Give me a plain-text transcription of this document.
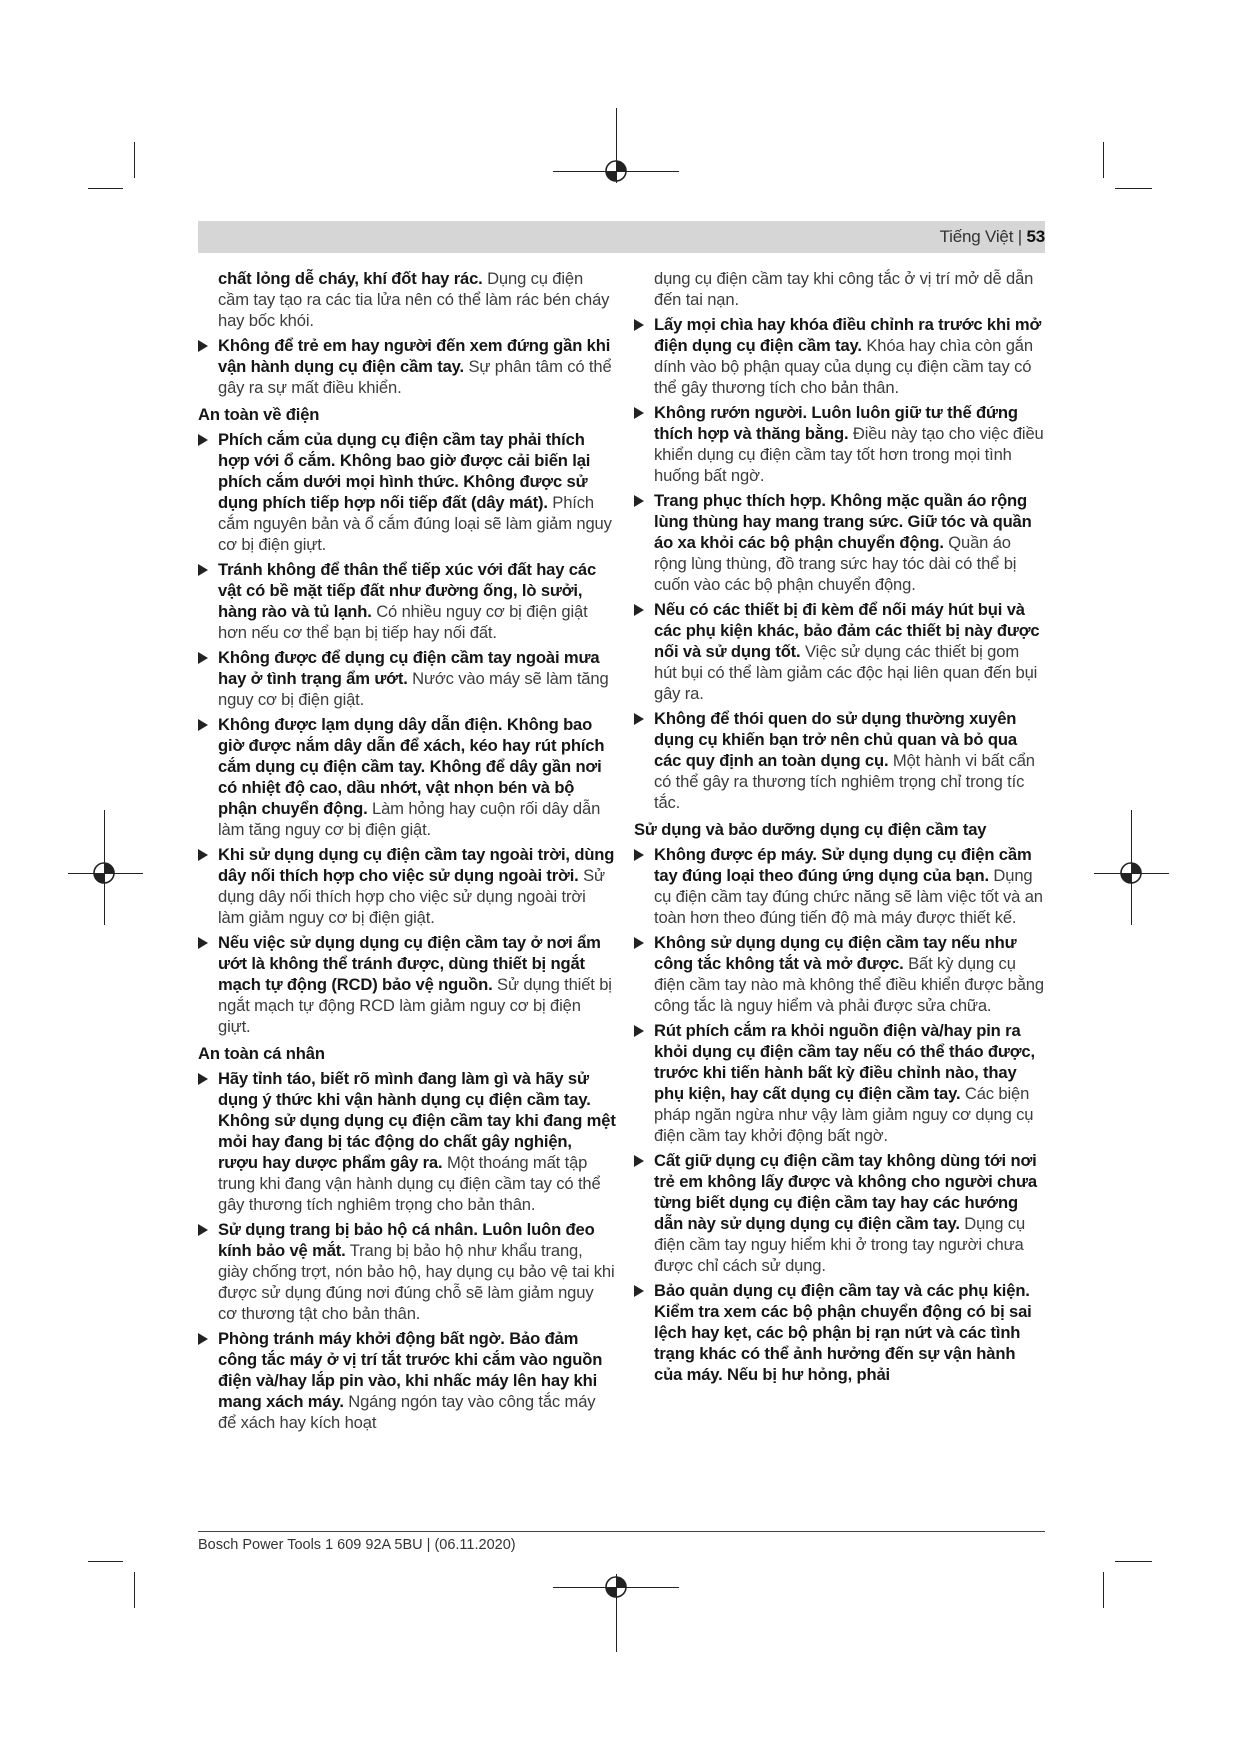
Tiếng Việt | 53
chất lỏng dễ cháy, khí đốt hay rác. Dụng cụ điện cầm tay tạo ra các tia lửa nên có thể làm rác bén cháy hay bốc khói.
Không để trẻ em hay người đến xem đứng gần khi vận hành dụng cụ điện cầm tay. Sự phân tâm có thể gây ra sự mất điều khiển.
An toàn về điện
Phích cắm của dụng cụ điện cầm tay phải thích hợp với ổ cắm. Không bao giờ được cải biến lại phích cắm dưới mọi hình thức. Không được sử dụng phích tiếp hợp nối tiếp đất (dây mát). Phích cắm nguyên bản và ổ cắm đúng loại sẽ làm giảm nguy cơ bị điện giựt.
Tránh không để thân thể tiếp xúc với đất hay các vật có bề mặt tiếp đất như đường ống, lò sưởi, hàng rào và tủ lạnh. Có nhiều nguy cơ bị điện giật hơn nếu cơ thể bạn bị tiếp hay nối đất.
Không được để dụng cụ điện cầm tay ngoài mưa hay ở tình trạng ẩm ướt. Nước vào máy sẽ làm tăng nguy cơ bị điện giật.
Không được lạm dụng dây dẫn điện. Không bao giờ được nắm dây dẫn để xách, kéo hay rút phích cắm dụng cụ điện cầm tay. Không để dây gần nơi có nhiệt độ cao, dầu nhớt, vật nhọn bén và bộ phận chuyển động. Làm hỏng hay cuộn rối dây dẫn làm tăng nguy cơ bị điện giật.
Khi sử dụng dụng cụ điện cầm tay ngoài trời, dùng dây nối thích hợp cho việc sử dụng ngoài trời. Sử dụng dây nối thích hợp cho việc sử dụng ngoài trời làm giảm nguy cơ bị điện giật.
Nếu việc sử dụng dụng cụ điện cầm tay ở nơi ẩm ướt là không thể tránh được, dùng thiết bị ngắt mạch tự động (RCD) bảo vệ nguồn. Sử dụng thiết bị ngắt mạch tự động RCD làm giảm nguy cơ bị điện giựt.
An toàn cá nhân
Hãy tỉnh táo, biết rõ mình đang làm gì và hãy sử dụng ý thức khi vận hành dụng cụ điện cầm tay. Không sử dụng dụng cụ điện cầm tay khi đang mệt mỏi hay đang bị tác động do chất gây nghiện, rượu hay dược phẩm gây ra. Một thoáng mất tập trung khi đang vận hành dụng cụ điện cầm tay có thể gây thương tích nghiêm trọng cho bản thân.
Sử dụng trang bị bảo hộ cá nhân. Luôn luôn đeo kính bảo vệ mắt. Trang bị bảo hộ như khẩu trang, giày chống trợt, nón bảo hộ, hay dụng cụ bảo vệ tai khi được sử dụng đúng nơi đúng chỗ sẽ làm giảm nguy cơ thương tật cho bản thân.
Phòng tránh máy khởi động bất ngờ. Bảo đảm công tắc máy ở vị trí tắt trước khi cắm vào nguồn điện và/hay lắp pin vào, khi nhấc máy lên hay khi mang xách máy. Ngáng ngón tay vào công tắc máy để xách hay kích hoạt
dụng cụ điện cầm tay khi công tắc ở vị trí mở dễ dẫn đến tai nạn.
Lấy mọi chìa hay khóa điều chỉnh ra trước khi mở điện dụng cụ điện cầm tay. Khóa hay chìa còn gắn dính vào bộ phận quay của dụng cụ điện cầm tay có thể gây thương tích cho bản thân.
Không rướn người. Luôn luôn giữ tư thế đứng thích hợp và thăng bằng. Điều này tạo cho việc điều khiển dụng cụ điện cầm tay tốt hơn trong mọi tình huống bất ngờ.
Trang phục thích hợp. Không mặc quần áo rộng lùng thùng hay mang trang sức. Giữ tóc và quần áo xa khỏi các bộ phận chuyển động. Quần áo rộng lùng thùng, đồ trang sức hay tóc dài có thể bị cuốn vào các bộ phận chuyển động.
Nếu có các thiết bị đi kèm để nối máy hút bụi và các phụ kiện khác, bảo đảm các thiết bị này được nối và sử dụng tốt. Việc sử dụng các thiết bị gom hút bụi có thể làm giảm các độc hại liên quan đến bụi gây ra.
Không để thói quen do sử dụng thường xuyên dụng cụ khiến bạn trở nên chủ quan và bỏ qua các quy định an toàn dụng cụ. Một hành vi bất cẩn có thể gây ra thương tích nghiêm trọng chỉ trong tíc tắc.
Sử dụng và bảo dưỡng dụng cụ điện cầm tay
Không được ép máy. Sử dụng dụng cụ điện cầm tay đúng loại theo đúng ứng dụng của bạn. Dụng cụ điện cầm tay đúng chức năng sẽ làm việc tốt và an toàn hơn theo đúng tiến độ mà máy được thiết kế.
Không sử dụng dụng cụ điện cầm tay nếu như công tắc không tắt và mở được. Bất kỳ dụng cụ điện cầm tay nào mà không thể điều khiển được bằng công tắc là nguy hiểm và phải được sửa chữa.
Rút phích cắm ra khỏi nguồn điện và/hay pin ra khỏi dụng cụ điện cầm tay nếu có thể tháo được, trước khi tiến hành bất kỳ điều chỉnh nào, thay phụ kiện, hay cất dụng cụ điện cầm tay. Các biện pháp ngăn ngừa như vậy làm giảm nguy cơ dụng cụ điện cầm tay khởi động bất ngờ.
Cất giữ dụng cụ điện cầm tay không dùng tới nơi trẻ em không lấy được và không cho người chưa từng biết dụng cụ điện cầm tay hay các hướng dẫn này sử dụng dụng cụ điện cầm tay. Dụng cụ điện cầm tay nguy hiểm khi ở trong tay người chưa được chỉ cách sử dụng.
Bảo quản dụng cụ điện cầm tay và các phụ kiện. Kiểm tra xem các bộ phận chuyển động có bị sai lệch hay kẹt, các bộ phận bị rạn nứt và các tình trạng khác có thể ảnh hưởng đến sự vận hành của máy. Nếu bị hư hỏng, phải
Bosch Power Tools 1 609 92A 5BU | (06.11.2020)
